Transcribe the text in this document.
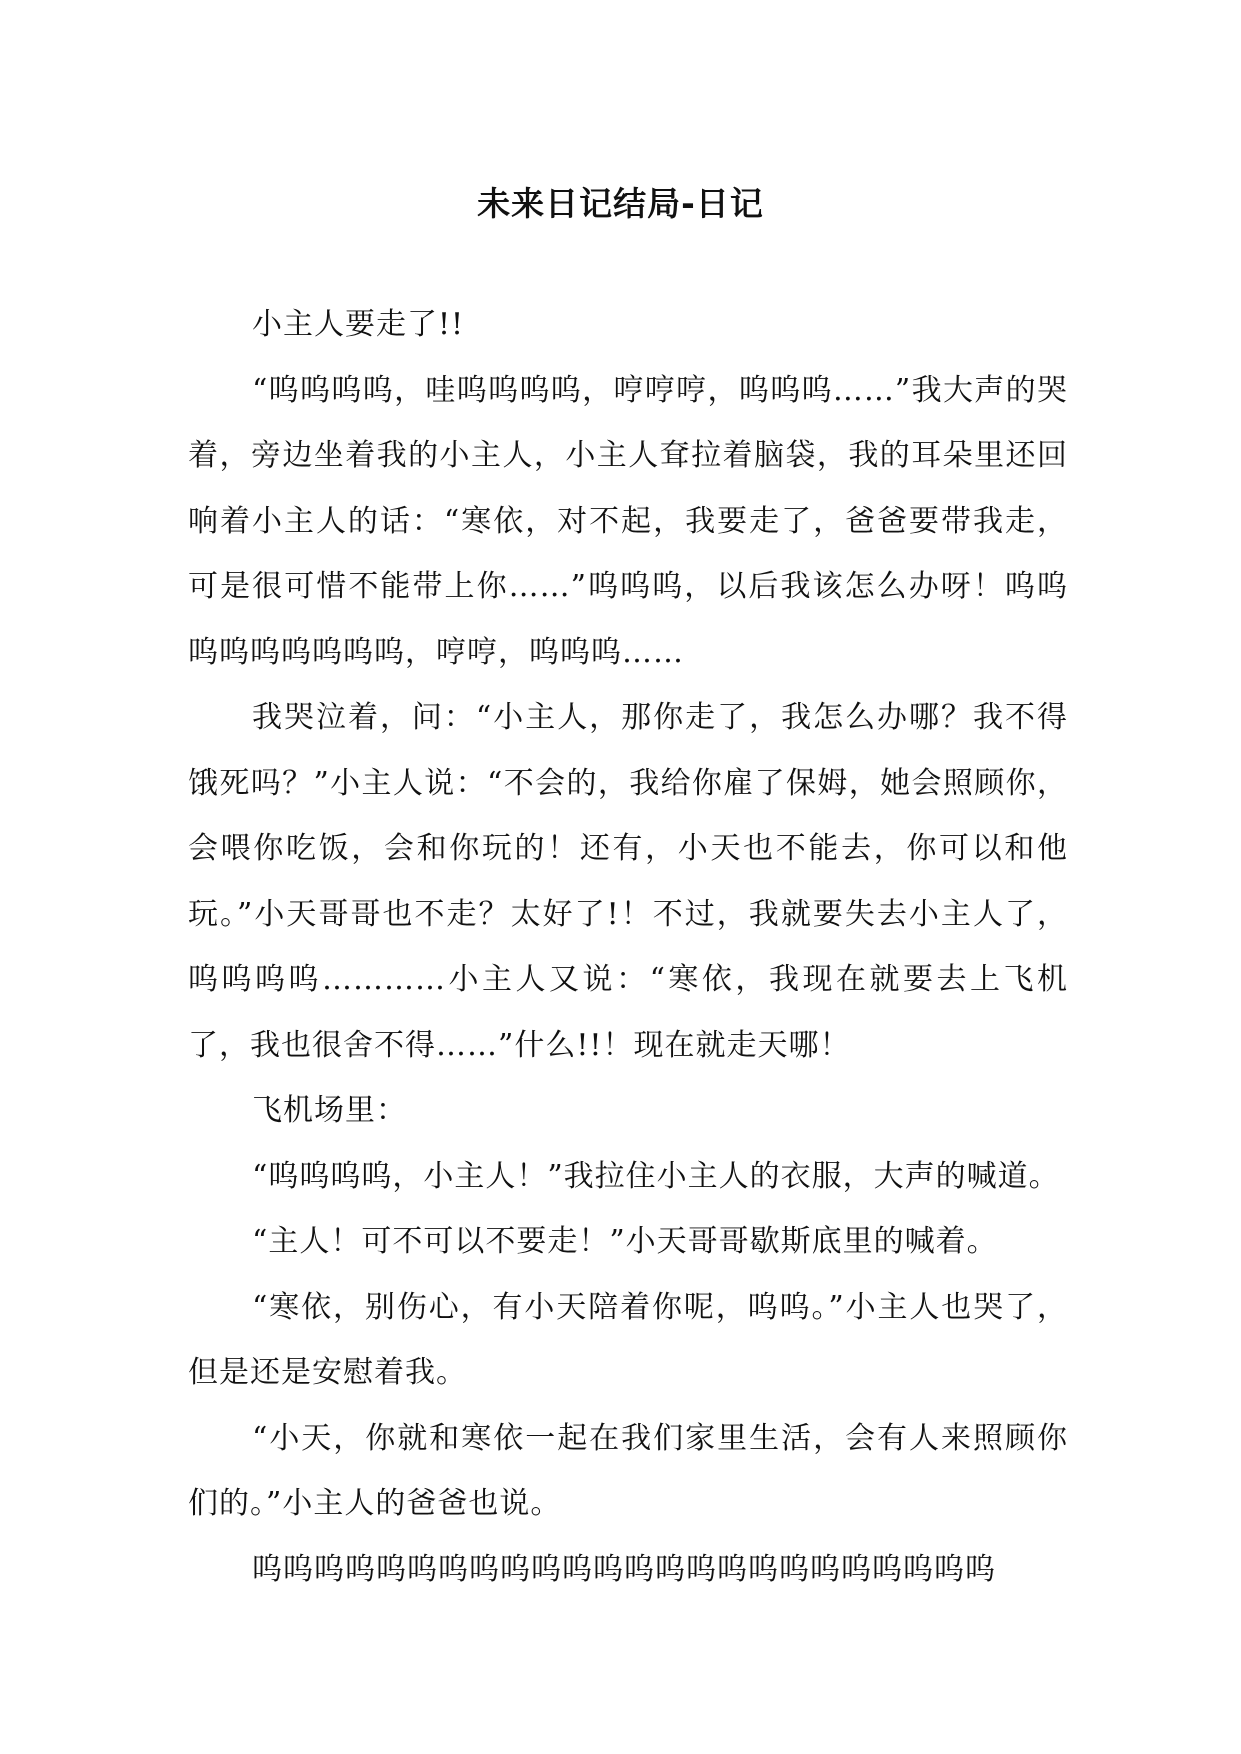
未来日记结局-日记

小主人要走了!!

“呜呜呜呜，哇呜呜呜呜，哼哼哼，呜呜呜……”我大声的哭着，旁边坐着我的小主人，小主人耷拉着脑袋，我的耳朵里还回响着小主人的话：“寒依，对不起，我要走了，爸爸要带我走，可是很可惜不能带上你……”呜呜呜，以后我该怎么办呀！呜呜呜呜呜呜呜呜呜，哼哼，呜呜呜……

我哭泣着，问：“小主人，那你走了，我怎么办哪？我不得饿死吗？”小主人说：“不会的，我给你雇了保姆，她会照顾你，会喂你吃饭，会和你玩的！还有，小天也不能去，你可以和他玩。”小天哥哥也不走？太好了!！不过，我就要失去小主人了，呜呜呜呜…………小主人又说：“寒依，我现在就要去上飞机了，我也很舍不得……”什么!!！现在就走天哪！

飞机场里：

“呜呜呜呜，小主人！”我拉住小主人的衣服，大声的喊道。

“主人！可不可以不要走！”小天哥哥歇斯底里的喊着。

“寒依，别伤心，有小天陪着你呢，呜呜。”小主人也哭了，但是还是安慰着我。

“小天，你就和寒依一起在我们家里生活，会有人来照顾你们的。”小主人的爸爸也说。

呜呜呜呜呜呜呜呜呜呜呜呜呜呜呜呜呜呜呜呜呜呜呜呜
